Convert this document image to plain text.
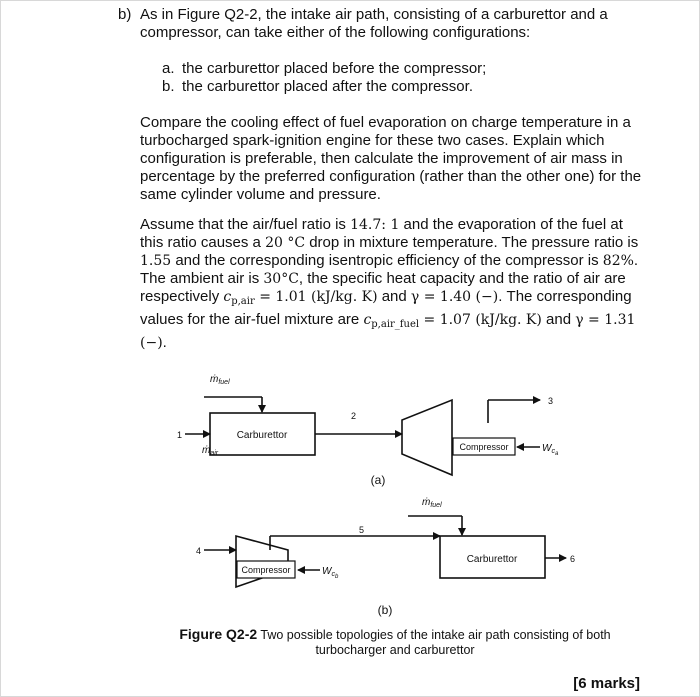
b) As in Figure Q2-2, the intake air path, consisting of a carburettor and a compressor, can take either of the following configurations:
a. the carburettor placed before the compressor;
b. the carburettor placed after the compressor.

Compare the cooling effect of fuel evaporation on charge temperature in a turbocharged spark-ignition engine for these two cases. Explain which configuration is preferable, then calculate the improvement of air mass in percentage by the preferred configuration (rather than the other one) for the same cylinder volume and pressure.

Assume that the air/fuel ratio is 14.7: 1 and the evaporation of the fuel at this ratio causes a 20 °C drop in mixture temperature. The pressure ratio is 1.55 and the corresponding isentropic efficiency of the compressor is 82%. The ambient air is 30°C, the specific heat capacity and the ratio of air are respectively $c_{p,air} = 1.01$ (kJ/kg. K) and γ = 1.40 (−). The corresponding values for the air-fuel mixture are $c_{p,air\_fuel} = 1.07$ (kJ/kg. K) and γ = 1.31 (−).

ṁ$_{fuel}$
ṁ$_{air}$
1
2
3
Carburettor
Compressor	$W_{ca}$
(a)
ṁ$_{fuel}$
4
5
6
Carburettor
Compressor	$W_{cb}$
(b)
Figure Q2-2 Two possible topologies of the intake air path consisting of both turbocharger and carburettor
[6 marks]
